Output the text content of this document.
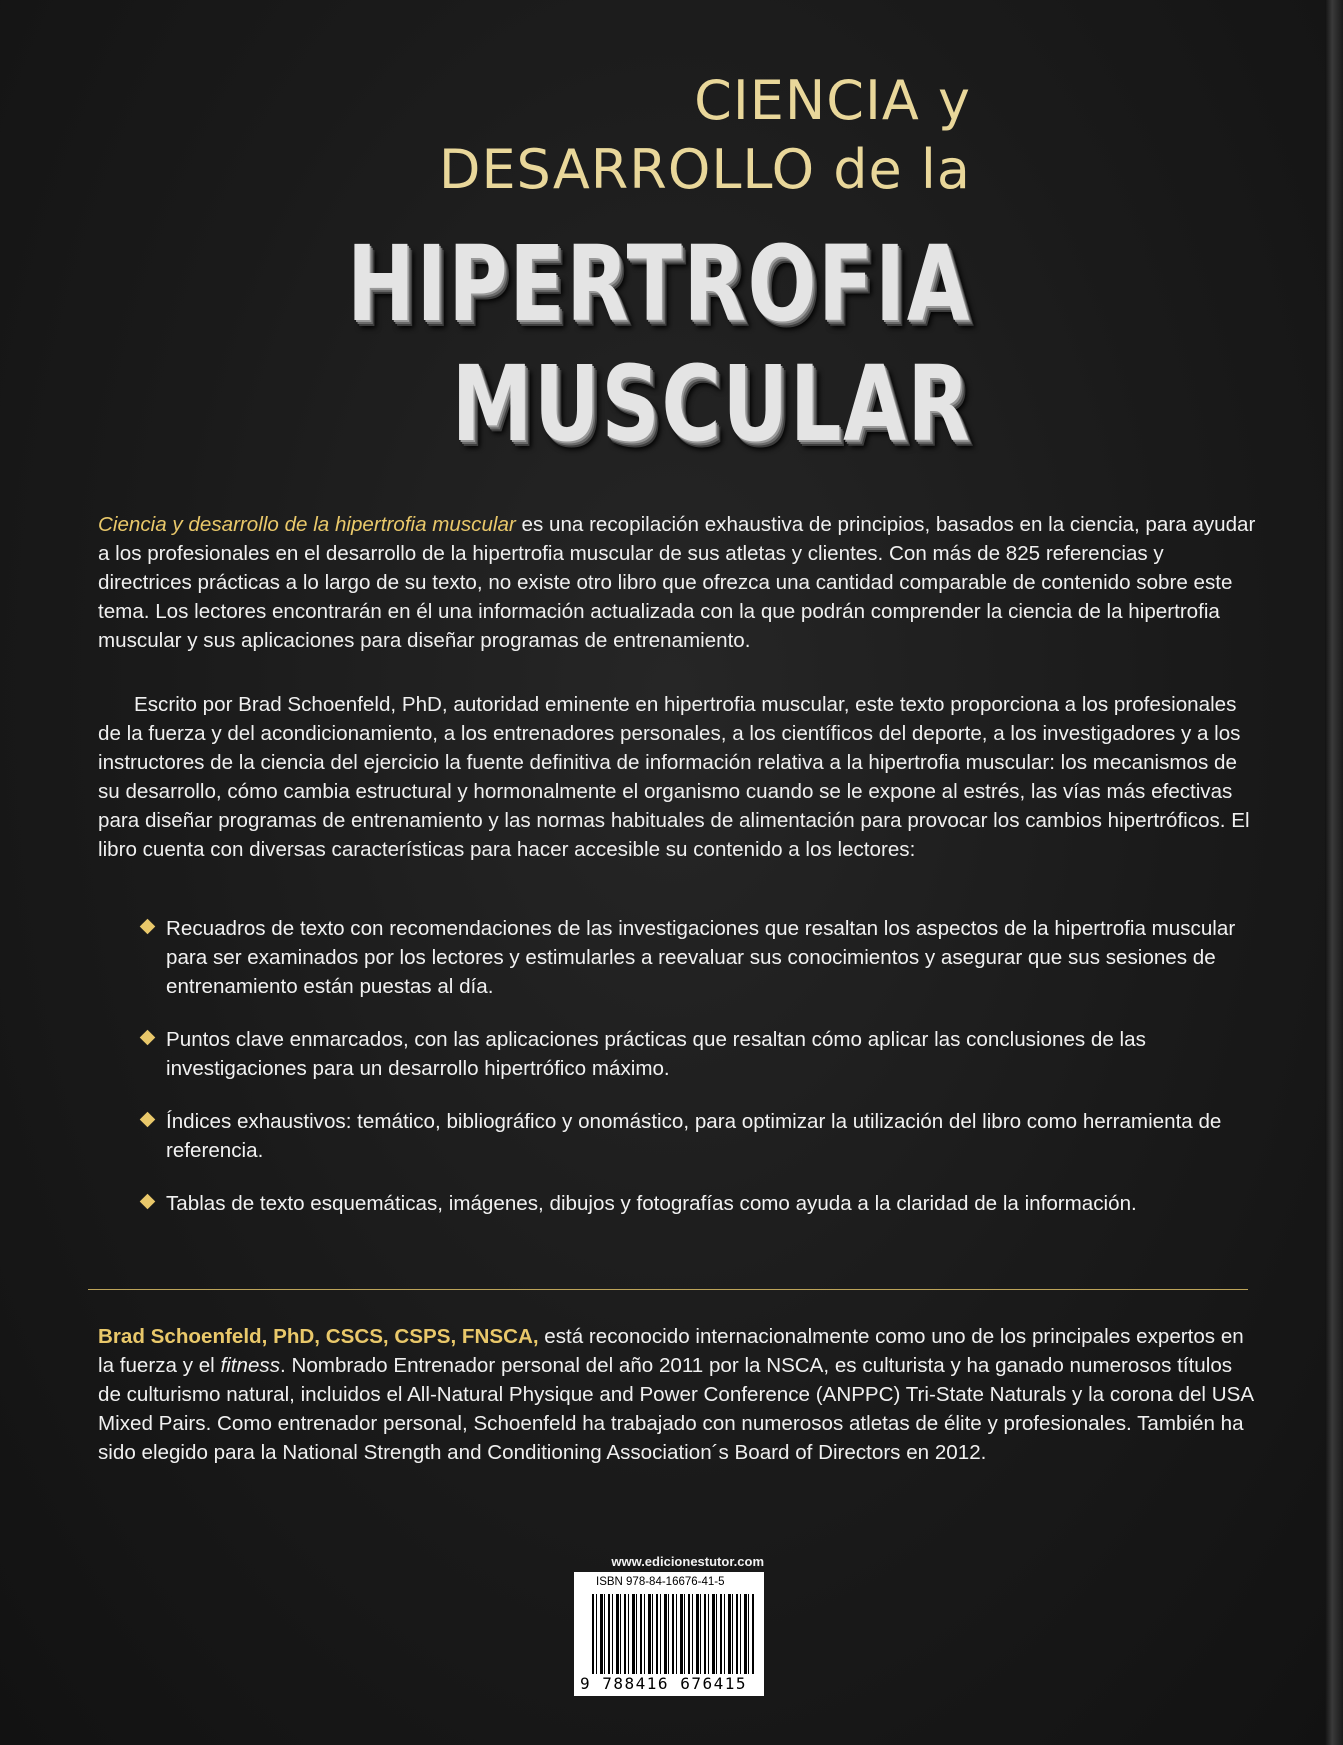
CIENCIA y
DESARROLLO de la
HIPERTROFIA
MUSCULAR
Ciencia y desarrollo de la hipertrofia muscular es una recopilación exhaustiva de principios, basados en la ciencia, para ayudar a los profesionales en el desarrollo de la hipertrofia muscular de sus atletas y clientes. Con más de 825 referencias y directrices prácticas a lo largo de su texto, no existe otro libro que ofrezca una cantidad comparable de contenido sobre este tema. Los lectores encontrarán en él una información actualizada con la que podrán comprender la ciencia de la hipertrofia muscular y sus aplicaciones para diseñar programas de entrenamiento.
Escrito por Brad Schoenfeld, PhD, autoridad eminente en hipertrofia muscular, este texto proporciona a los profesionales de la fuerza y del acondicionamiento, a los entrenadores personales, a los científicos del deporte, a los investigadores y a los instructores de la ciencia del ejercicio la fuente definitiva de información relativa a la hipertrofia muscular: los mecanismos de su desarrollo, cómo cambia estructural y hormonalmente el organismo cuando se le expone al estrés, las vías más efectivas para diseñar programas de entrenamiento y las normas habituales de alimentación para provocar los cambios hipertróficos. El libro cuenta con diversas características para hacer accesible su contenido a los lectores:
Recuadros de texto con recomendaciones de las investigaciones que resaltan los aspectos de la hipertrofia muscular para ser examinados por los lectores y estimularles a reevaluar sus conocimientos y asegurar que sus sesiones de entrenamiento están puestas al día.
Puntos clave enmarcados, con las aplicaciones prácticas que resaltan cómo aplicar las conclusiones de las investigaciones para un desarrollo hipertrófico máximo.
Índices exhaustivos: temático, bibliográfico y onomástico, para optimizar la utilización del libro como herramienta de referencia.
Tablas de texto esquemáticas, imágenes, dibujos y fotografías como ayuda a la claridad de la información.
Brad Schoenfeld, PhD, CSCS, CSPS, FNSCA, está reconocido internacionalmente como uno de los principales expertos en la fuerza y el fitness. Nombrado Entrenador personal del año 2011 por la NSCA, es culturista y ha ganado numerosos títulos de culturismo natural, incluidos el All-Natural Physique and Power Conference (ANPPC) Tri-State Naturals y la corona del USA Mixed Pairs. Como entrenador personal, Schoenfeld ha trabajado con numerosos atletas de élite y profesionales. También ha sido elegido para la National Strength and Conditioning Association´s Board of Directors en 2012.
www.edicionestutor.com
ISBN 978-84-16676-41-5
9 788416 676415
